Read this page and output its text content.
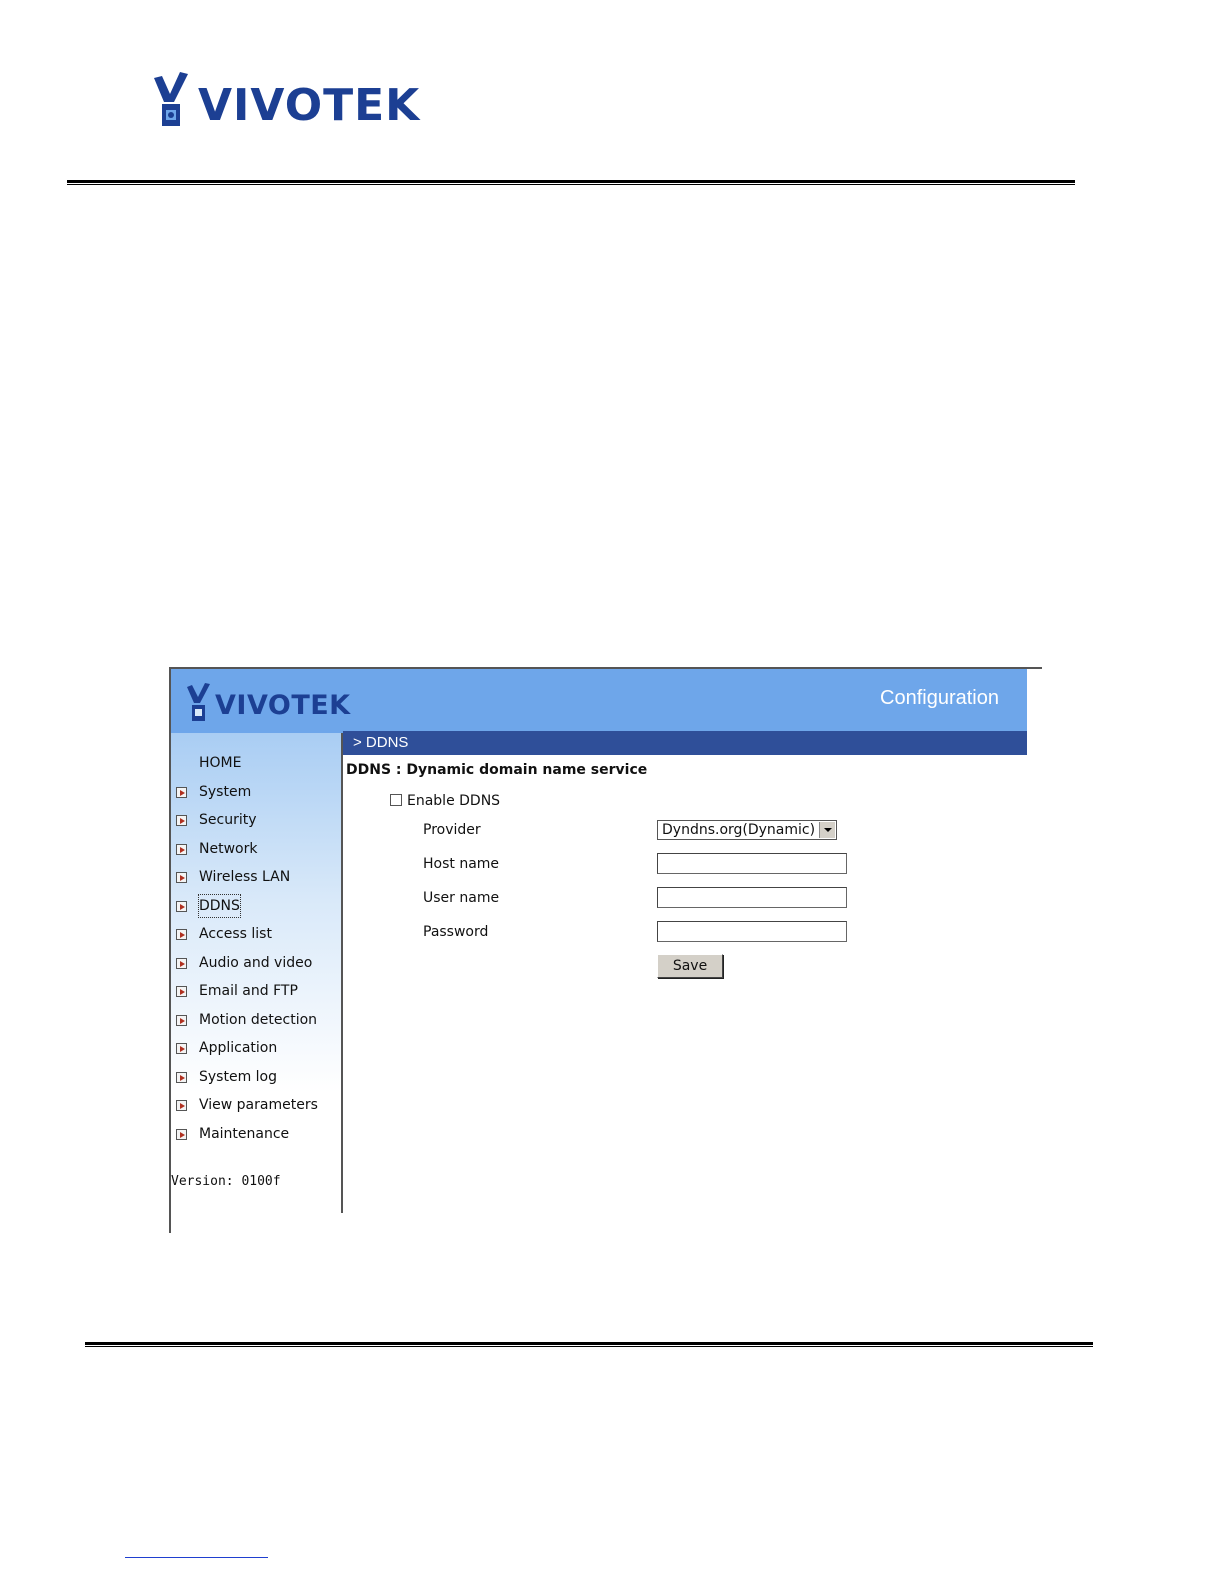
VIVOTEK
VIVOTEK	Configuration
HOME
System
Security
Network
Wireless LAN
DDNS
Access list
Audio and video
Email and FTP
Motion detection
Application
System log
View parameters
Maintenance
Version: 0100f
> DDNS
DDNS : Dynamic domain name service
Enable DDNS
Provider	Dyndns.org(Dynamic)
Host name
User name
Password
Save
